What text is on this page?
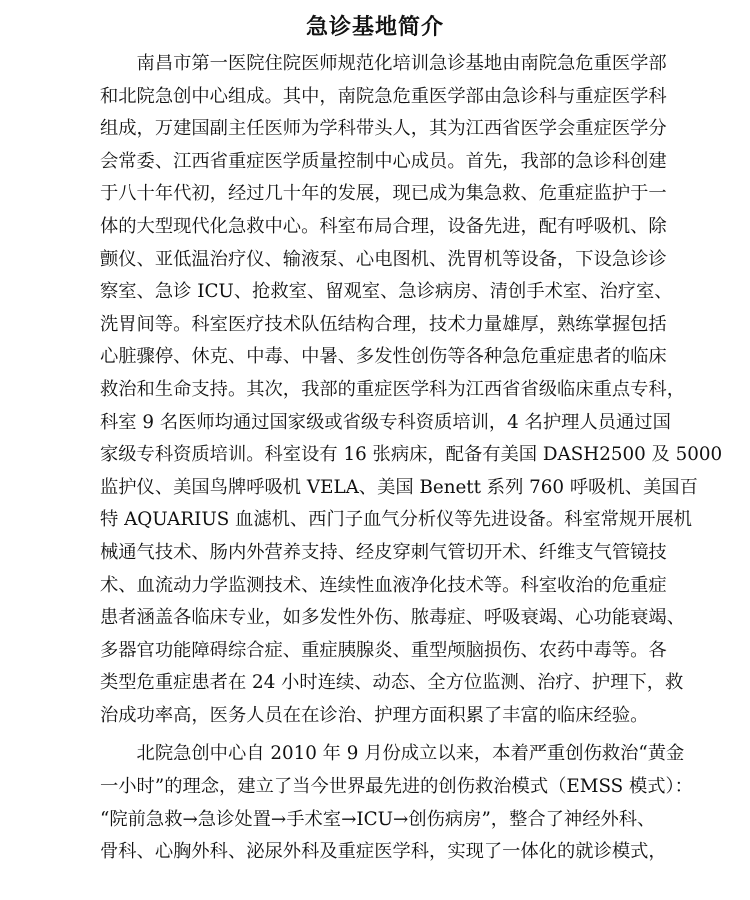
急诊基地简介
　　南昌市第一医院住院医师规范化培训急诊基地由南院急危重医学部
和北院急创中心组成。其中，南院急危重医学部由急诊科与重症医学科
组成，万建国副主任医师为学科带头人，其为江西省医学会重症医学分
会常委、江西省重症医学质量控制中心成员。首先，我部的急诊科创建
于八十年代初，经过几十年的发展，现已成为集急救、危重症监护于一
体的大型现代化急救中心。科室布局合理，设备先进，配有呼吸机、除
颤仪、亚低温治疗仪、输液泵、心电图机、洗胃机等设备，下设急诊诊
察室、急诊 ICU、抢救室、留观室、急诊病房、清创手术室、治疗室、
洗胃间等。科室医疗技术队伍结构合理，技术力量雄厚，熟练掌握包括
心脏骤停、休克、中毒、中暑、多发性创伤等各种急危重症患者的临床
救治和生命支持。其次，我部的重症医学科为江西省省级临床重点专科，
科室 9 名医师均通过国家级或省级专科资质培训，4 名护理人员通过国
家级专科资质培训。科室设有 16 张病床，配备有美国 DASH2500 及 5000
监护仪、美国鸟牌呼吸机 VELA、美国 Benett 系列 760 呼吸机、美国百
特 AQUARIUS 血滤机、西门子血气分析仪等先进设备。科室常规开展机
械通气技术、肠内外营养支持、经皮穿刺气管切开术、纤维支气管镜技
术、血流动力学监测技术、连续性血液净化技术等。科室收治的危重症
患者涵盖各临床专业，如多发性外伤、脓毒症、呼吸衰竭、心功能衰竭、
多器官功能障碍综合症、重症胰腺炎、重型颅脑损伤、农药中毒等。各
类型危重症患者在 24 小时连续、动态、全方位监测、治疗、护理下，救
治成功率高，医务人员在在诊治、护理方面积累了丰富的临床经验。
　　北院急创中心自 2010 年 9 月份成立以来，本着严重创伤救治“黄金
一小时”的理念，建立了当今世界最先进的创伤救治模式（EMSS 模式）：
“院前急救→急诊处置→手术室→ICU→创伤病房”，整合了神经外科、
骨科、心胸外科、泌尿外科及重症医学科，实现了一体化的就诊模式，
